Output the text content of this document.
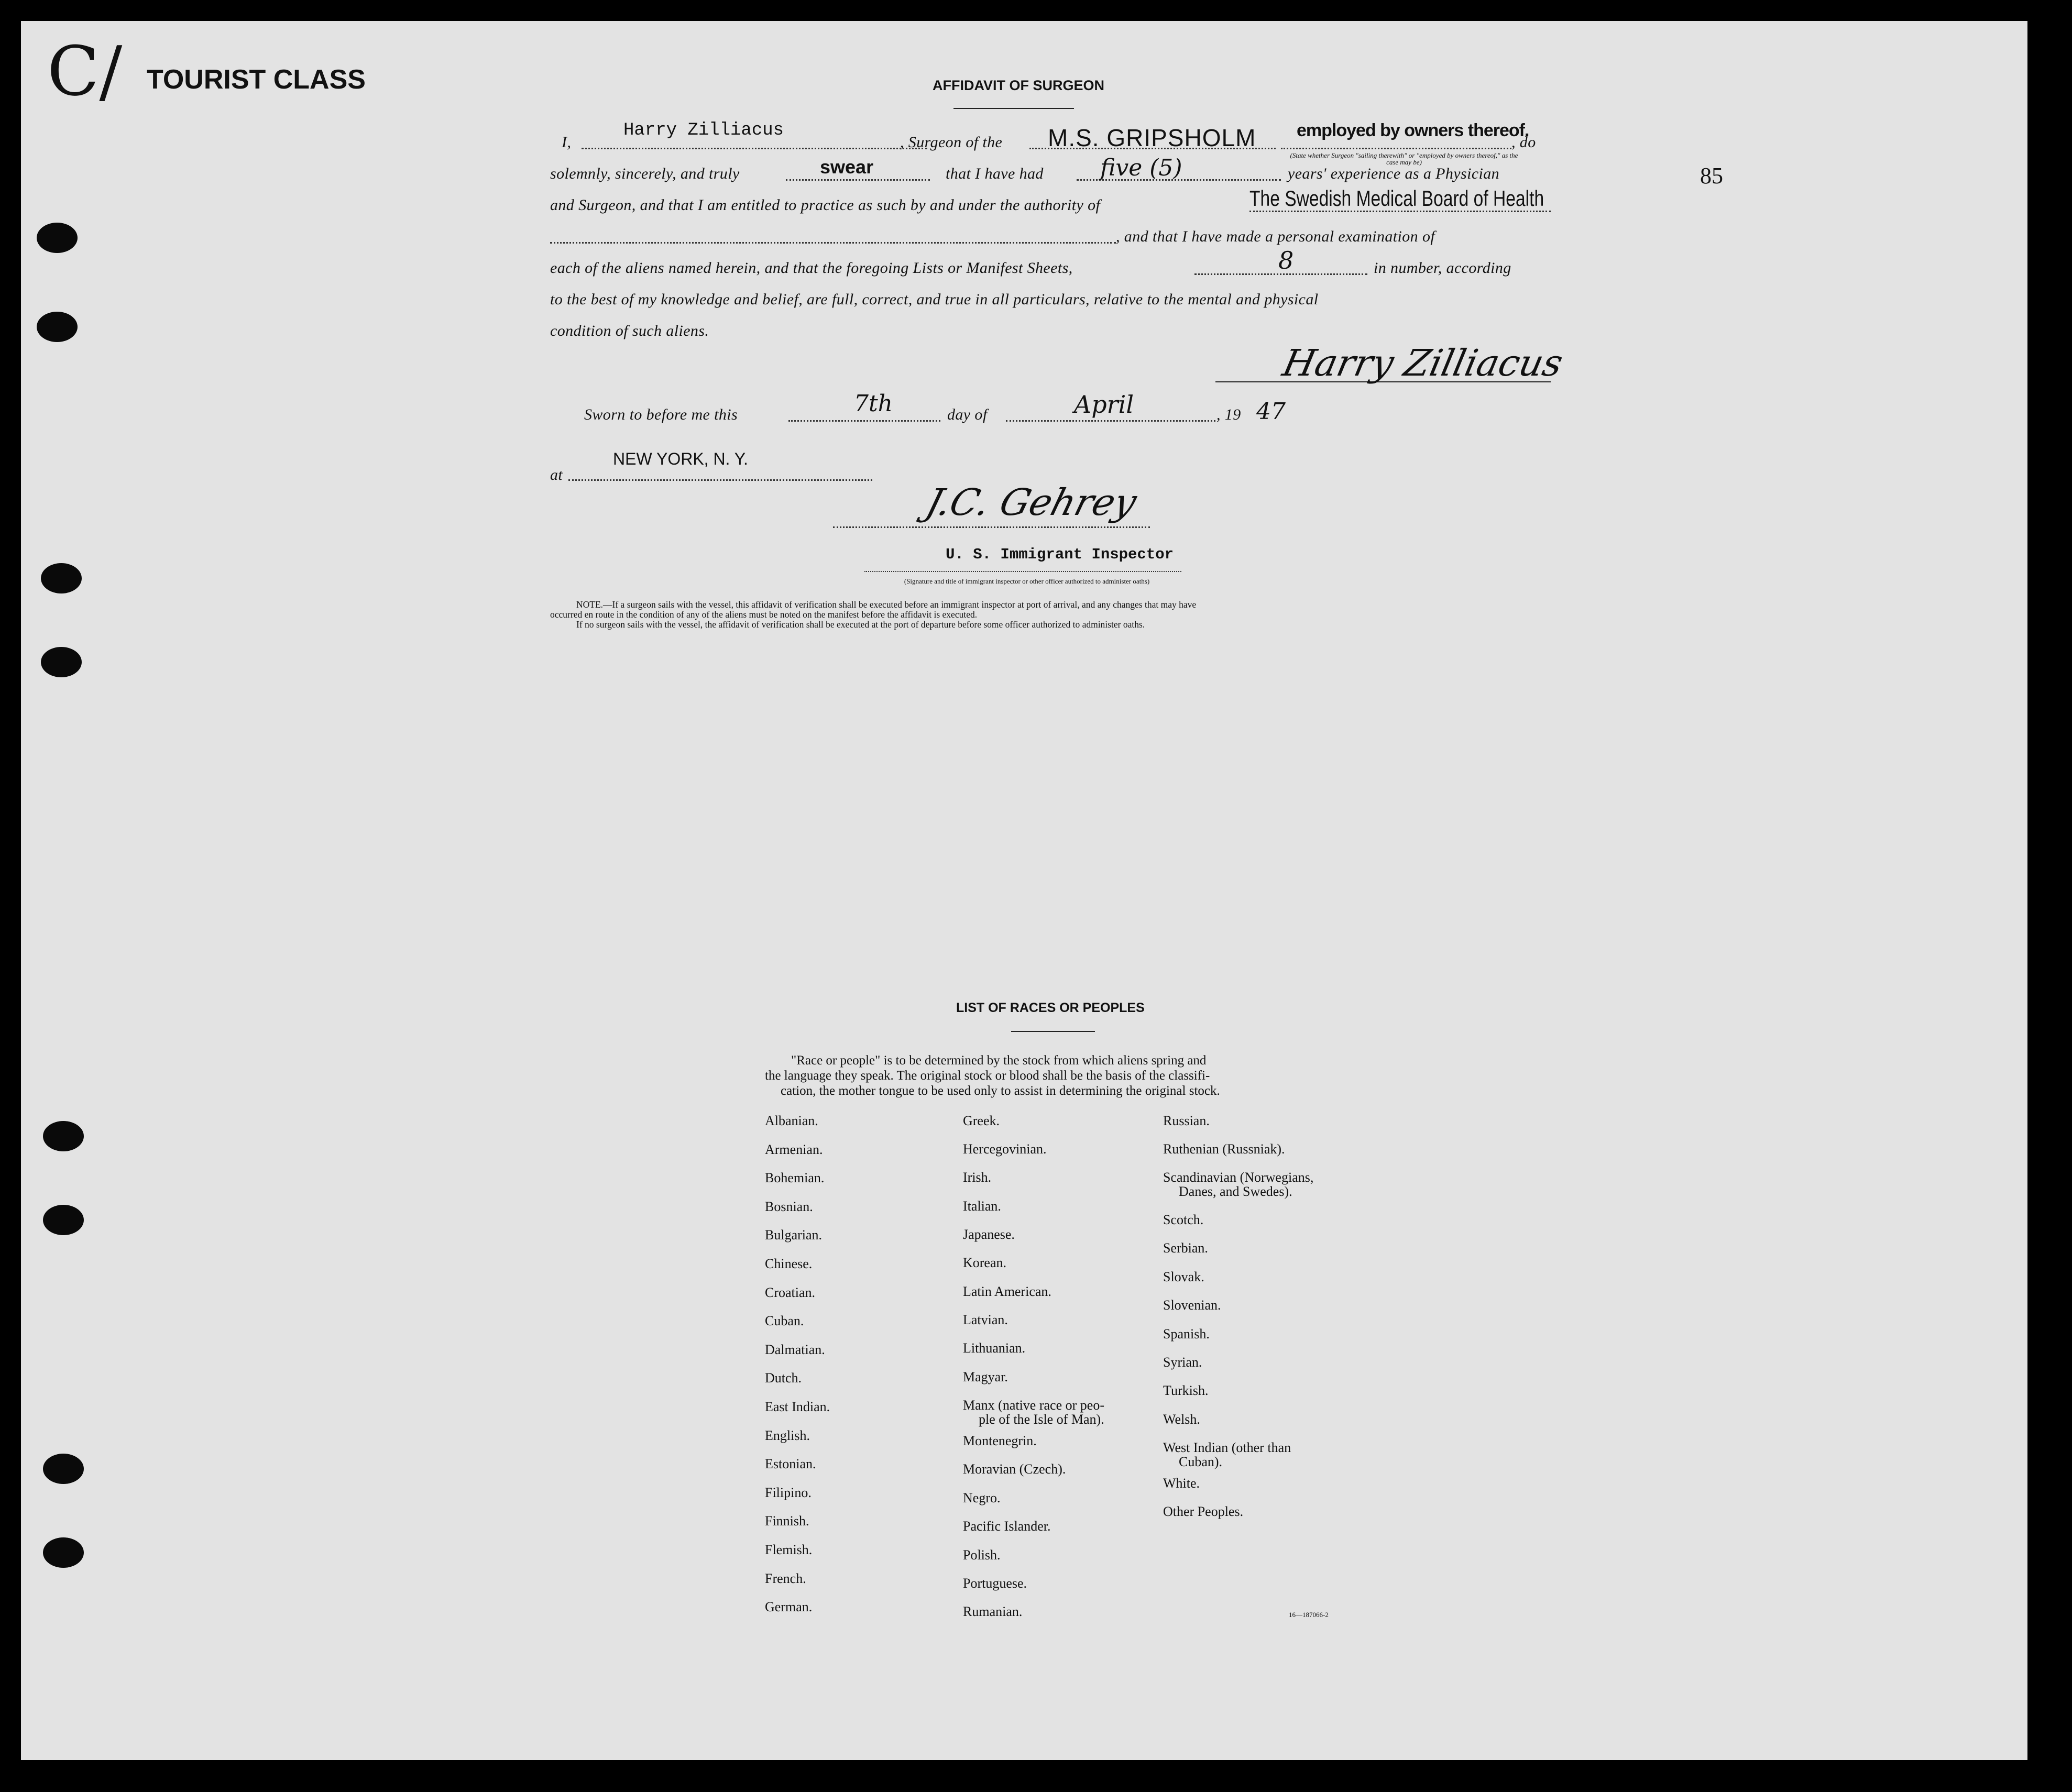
C/ TOURIST CLASS
85
AFFIDAVIT OF SURGEON
I,
Harry Zilliacus
, Surgeon of the M.S. GRIPSHOLM employed by owners thereof.
, do
(State whether Surgeon "sailing therewith" or "employed by owners thereof," as the case may be)
solemnly, sincerely, and truly	swear	that I have had five (5)	years' experience as a Physician
and Surgeon, and that I am entitled to practice as such by and under the authority of	The Swedish Medical Board of Health
, and that I have made a personal examination of
each of the aliens named herein, and that the foregoing Lists or Manifest Sheets,	8	in number, according
to the best of my knowledge and belief, are full, correct, and true in all particulars, relative to the mental and physical
condition of such aliens.
Harry Zilliacus
Sworn to before me this	7th	day of	April	, 19 47
at
NEW YORK, N. Y.
J.C. Gehrey
U. S. Immigrant Inspector
(Signature and title of immigrant inspector or other officer authorized to administer oaths)
NOTE.—If a surgeon sails with the vessel, this affidavit of verification shall be executed before an immigrant inspector at port of arrival, and any changes that may have
occurred en route in the condition of any of the aliens must be noted on the manifest before the affidavit is executed.
If no surgeon sails with the vessel, the affidavit of verification shall be executed at the port of departure before some officer authorized to administer oaths.
LIST OF RACES OR PEOPLES
"Race or people" is to be determined by the stock from which aliens spring and
the language they speak. The original stock or blood shall be the basis of the classifi-
cation, the mother tongue to be used only to assist in determining the original stock.
Albanian.
Armenian.
Bohemian.
Bosnian.
Bulgarian.
Chinese.
Croatian.
Cuban.
Dalmatian.
Dutch.
East Indian.
English.
Estonian.
Filipino.
Finnish.
Flemish.
French.
German.
Greek.
Hercegovinian.
Irish.
Italian.
Japanese.
Korean.
Latin American.
Latvian.
Lithuanian.
Magyar.
Manx (native race or peo-
ple of the Isle of Man).
Montenegrin.
Moravian (Czech).
Negro.
Pacific Islander.
Polish.
Portuguese.
Rumanian.
Russian.
Ruthenian (Russniak).
Scandinavian (Norwegians,
Danes, and Swedes).
Scotch.
Serbian.
Slovak.
Slovenian.
Spanish.
Syrian.
Turkish.
Welsh.
West Indian (other than
Cuban).
White.
Other Peoples.
16—187066-2
